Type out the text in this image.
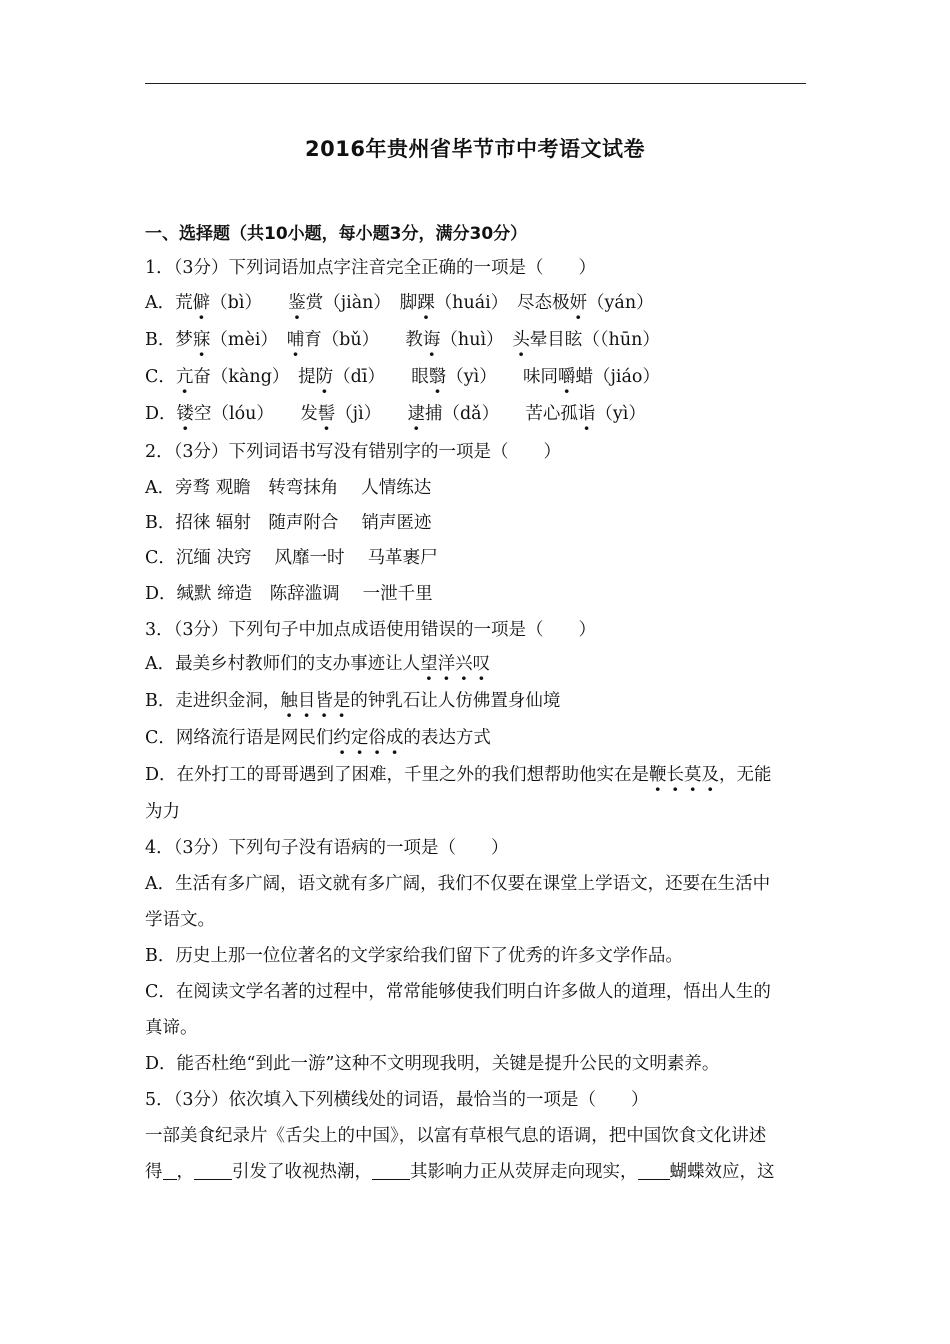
2016年贵州省毕节市中考语文试卷
一、选择题（共10小题，每小题3分，满分30分）
1．（3分）下列词语加点字注音完全正确的一项是（　　）
A．荒僻（bì）　　鉴赏（jiàn）　脚踝（huái）　尽态极妍（yán）
B．梦寐（mèi）　哺育（bǔ）　　教诲（huì）　头晕目眩（（hūn）
C．亢奋（kàng）　提防（dī）　　眼翳（yì）　　味同嚼蜡（jiáo）
D．镂空（lóu）　　发髻（jì）　　逮捕（dǎ）　　苦心孤诣（yì）
2．（3分）下列词语书写没有错别字的一项是（　　）
A．旁骛 观瞻　转弯抹角　 人情练达
B．招徕 辐射　随声附合　 销声匿迹
C．沉缅 决窍　 风靡一时　 马革裹尸
D．缄默 缔造　陈辞滥调　 一泄千里
3．（3分）下列句子中加点成语使用错误的一项是（　　）
A．最美乡村教师们的支办事迹让人望洋兴叹
B．走进织金洞，触目皆是的钟乳石让人仿佛置身仙境
C．网络流行语是网民们约定俗成的表达方式
D．在外打工的哥哥遇到了困难，千里之外的我们想帮助他实在是鞭长莫及，无能
为力
4．（3分）下列句子没有语病的一项是（　　）
A．生活有多广阔，语文就有多广阔，我们不仅要在课堂上学语文，还要在生活中
学语文。
B．历史上那一位位著名的文学家给我们留下了优秀的许多文学作品。
C．在阅读文学名著的过程中，常常能够使我们明白许多做人的道理，悟出人生的
真谛。
D．能否杜绝“到此一游”这种不文明现我明，关键是提升公民的文明素养。
5．（3分）依次填入下列横线处的词语，最恰当的一项是（　　）
一部美食纪录片《舌尖上的中国》，以富有草根气息的语调，把中国饮食文化讲述
得 ， 引发了收视热潮， 其影响力正从荧屏走向现实， 蝴蝶效应，这
